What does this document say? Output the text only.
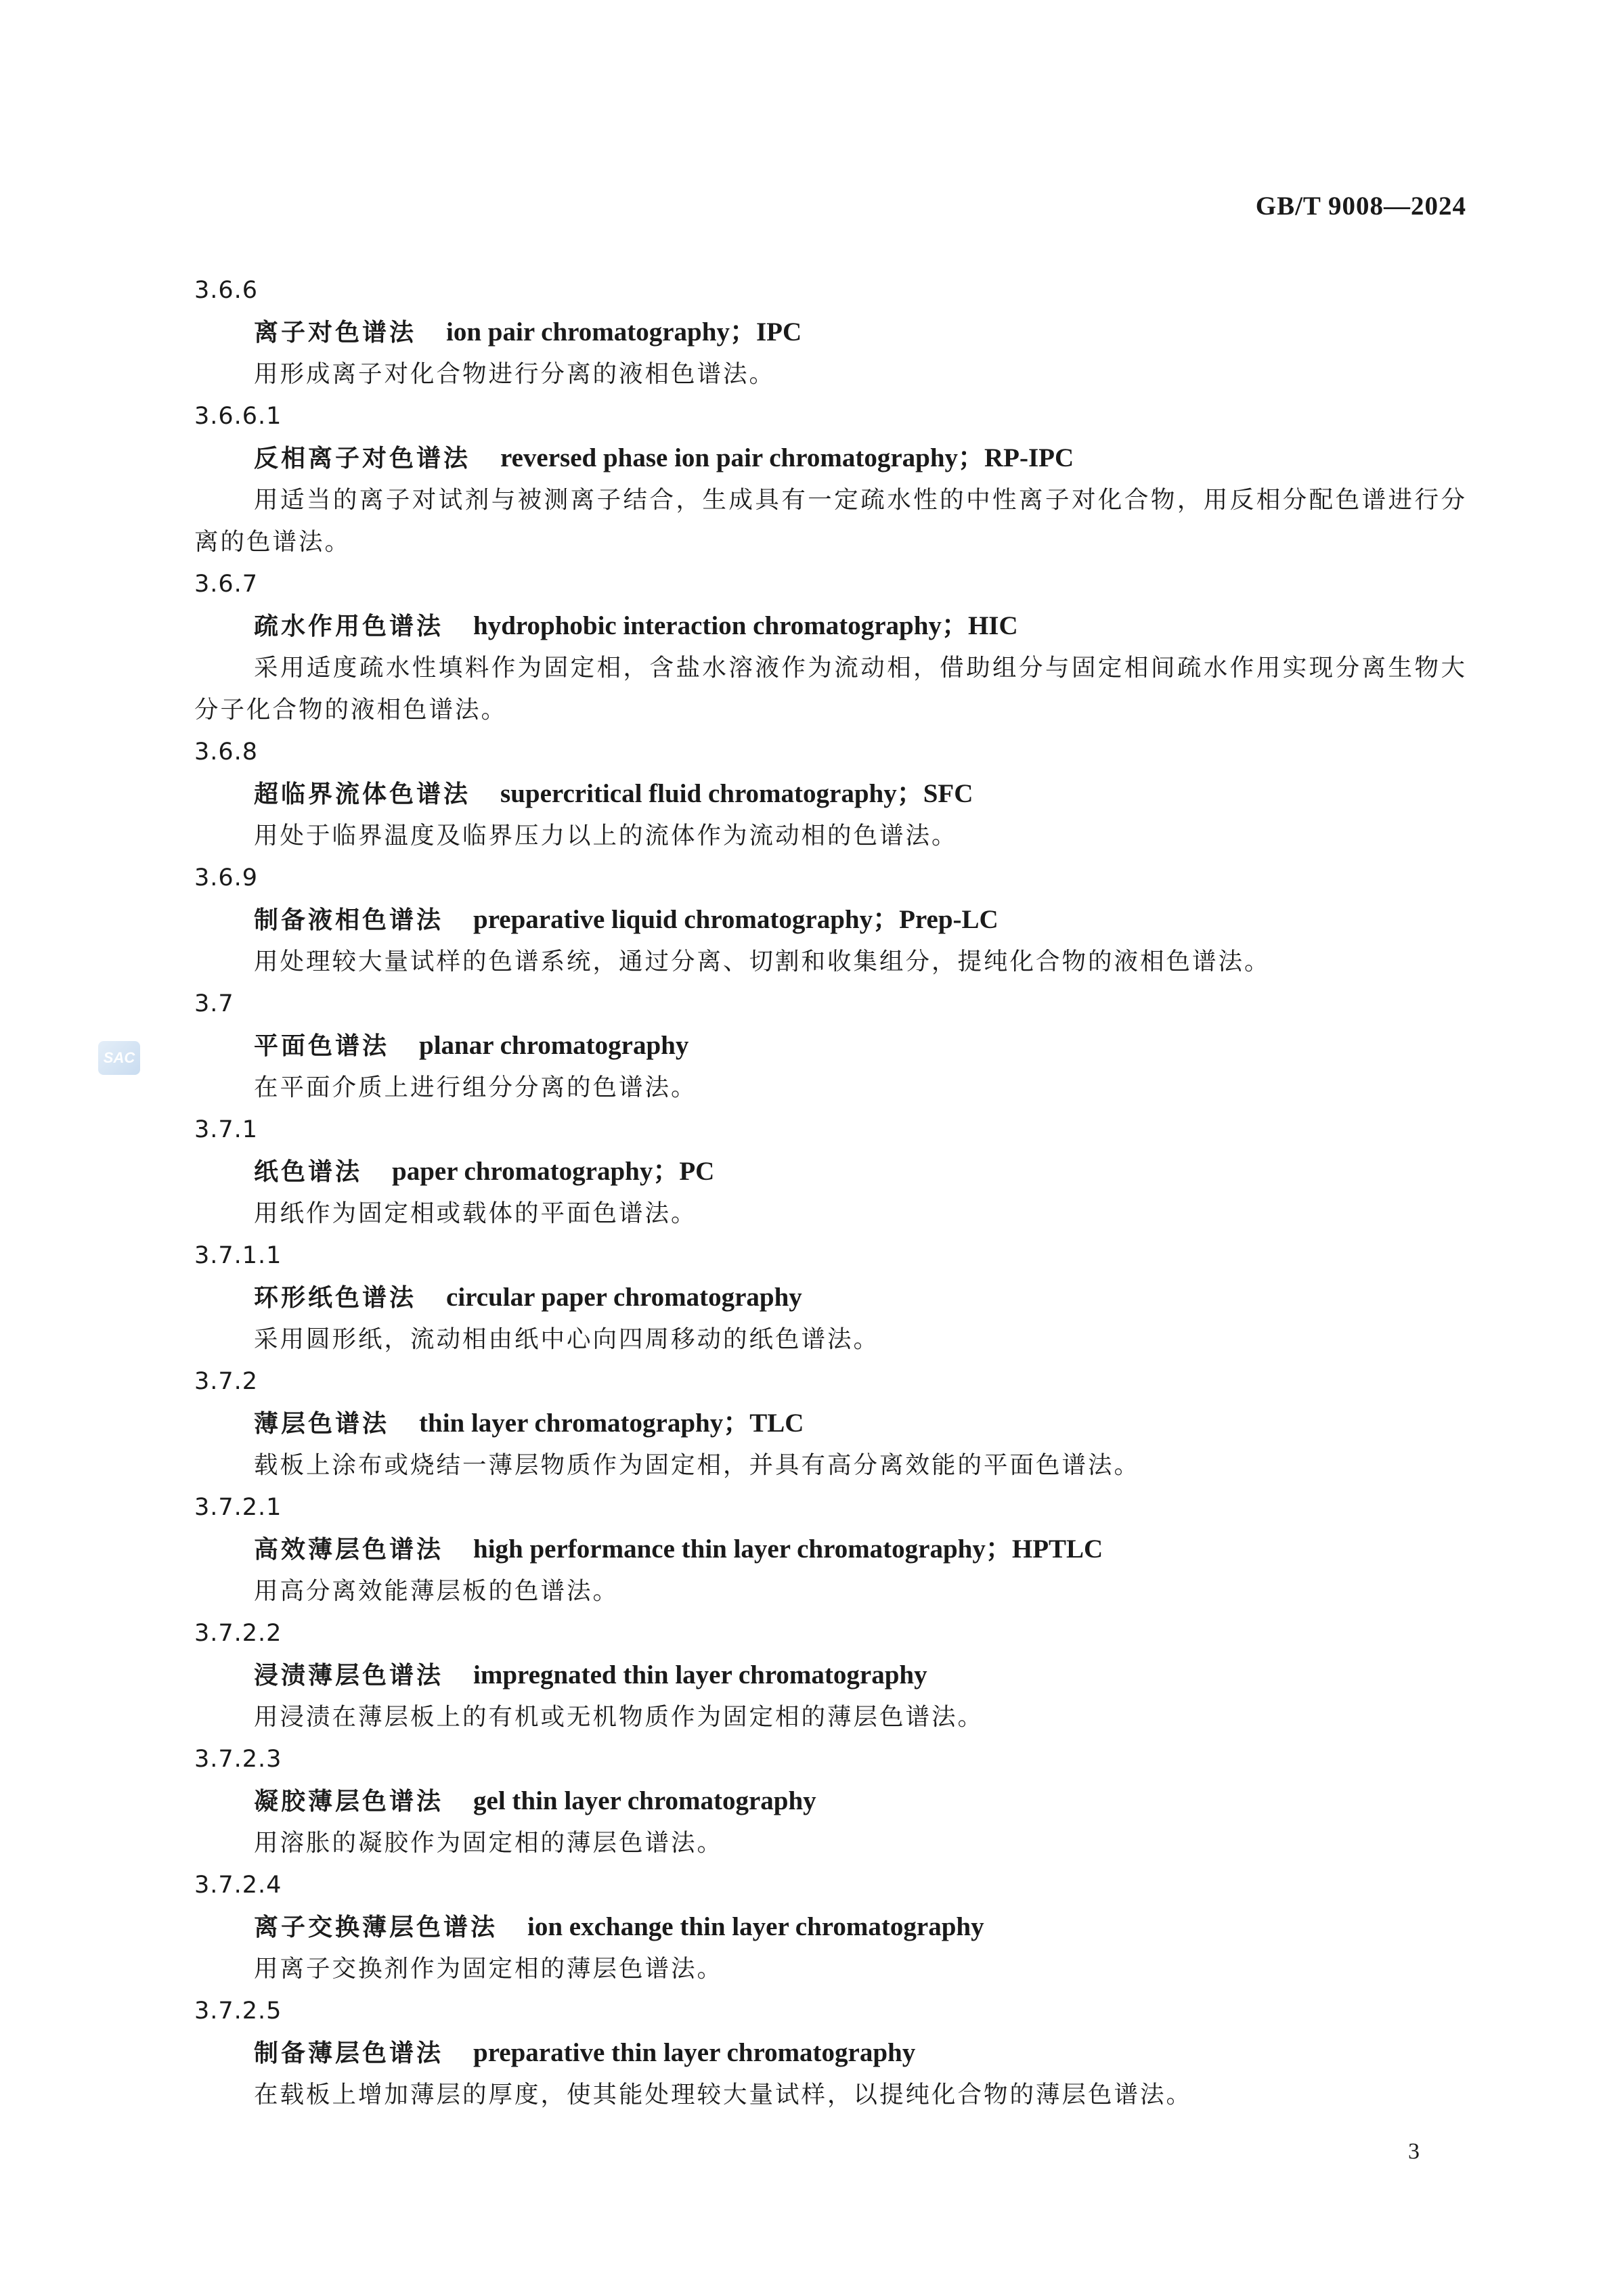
GB/T 9008—2024
SAC
3.6.6
离子对色谱法 ion pair chromatography；IPC
用形成离子对化合物进行分离的液相色谱法。
3.6.6.1
反相离子对色谱法 reversed phase ion pair chromatography；RP-IPC
用适当的离子对试剂与被测离子结合，生成具有一定疏水性的中性离子对化合物，用反相分配色谱进行分离的色谱法。
3.6.7
疏水作用色谱法 hydrophobic interaction chromatography；HIC
采用适度疏水性填料作为固定相，含盐水溶液作为流动相，借助组分与固定相间疏水作用实现分离生物大分子化合物的液相色谱法。
3.6.8
超临界流体色谱法 supercritical fluid chromatography；SFC
用处于临界温度及临界压力以上的流体作为流动相的色谱法。
3.6.9
制备液相色谱法 preparative liquid chromatography；Prep-LC
用处理较大量试样的色谱系统，通过分离、切割和收集组分，提纯化合物的液相色谱法。
3.7
平面色谱法 planar chromatography
在平面介质上进行组分分离的色谱法。
3.7.1
纸色谱法 paper chromatography；PC
用纸作为固定相或载体的平面色谱法。
3.7.1.1
环形纸色谱法 circular paper chromatography
采用圆形纸，流动相由纸中心向四周移动的纸色谱法。
3.7.2
薄层色谱法 thin layer chromatography；TLC
载板上涂布或烧结一薄层物质作为固定相，并具有高分离效能的平面色谱法。
3.7.2.1
高效薄层色谱法 high performance thin layer chromatography；HPTLC
用高分离效能薄层板的色谱法。
3.7.2.2
浸渍薄层色谱法 impregnated thin layer chromatography
用浸渍在薄层板上的有机或无机物质作为固定相的薄层色谱法。
3.7.2.3
凝胶薄层色谱法 gel thin layer chromatography
用溶胀的凝胶作为固定相的薄层色谱法。
3.7.2.4
离子交换薄层色谱法 ion exchange thin layer chromatography
用离子交换剂作为固定相的薄层色谱法。
3.7.2.5
制备薄层色谱法 preparative thin layer chromatography
在载板上增加薄层的厚度，使其能处理较大量试样，以提纯化合物的薄层色谱法。
3
